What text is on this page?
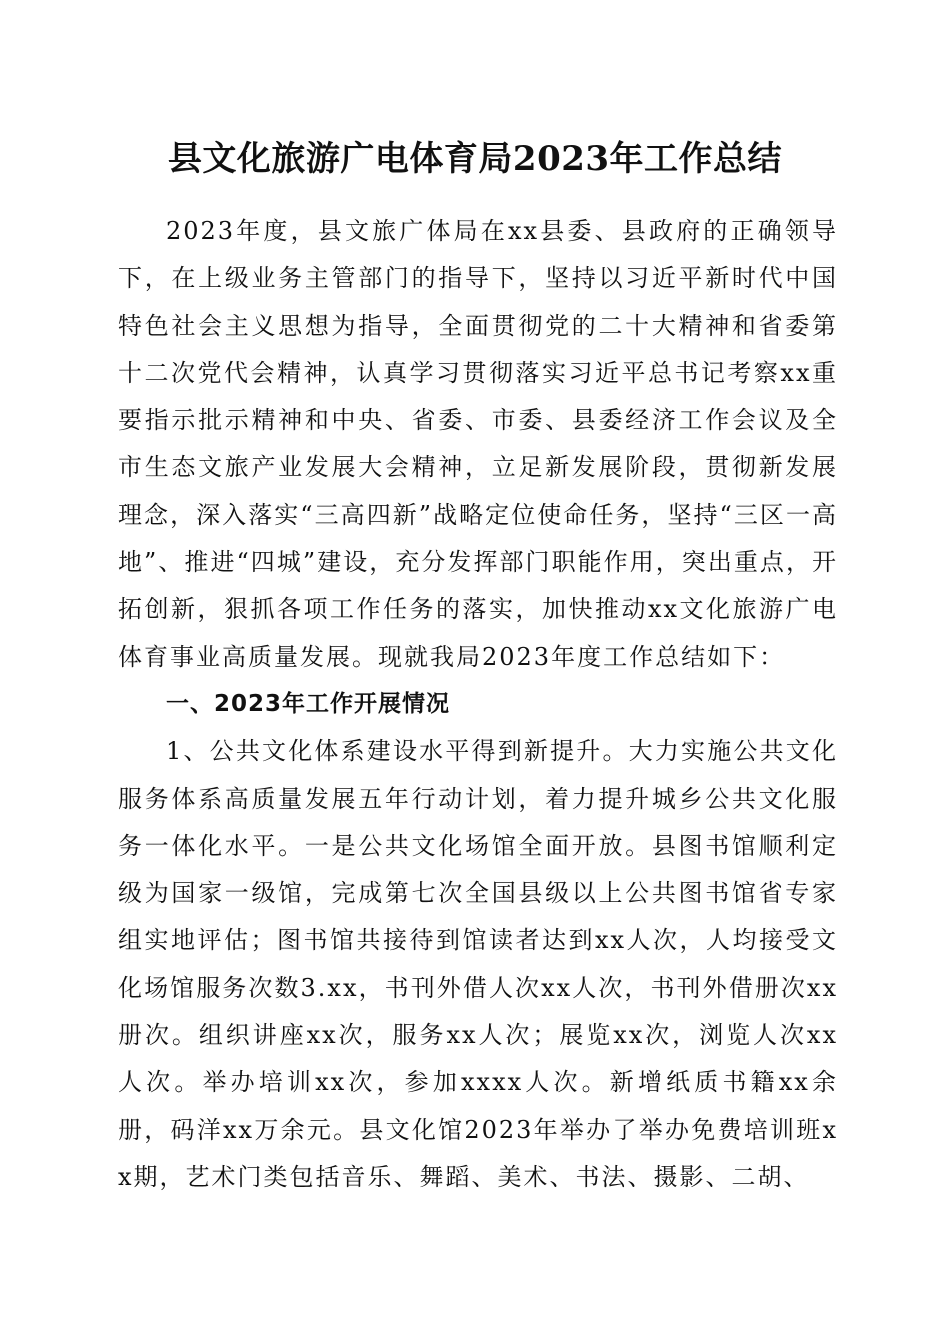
县文化旅游广电体育局2023年工作总结

2023年度，县文旅广体局在xx县委、县政府的正确领导下，在上级业务主管部门的指导下，坚持以习近平新时代中国特色社会主义思想为指导，全面贯彻党的二十大精神和省委第十二次党代会精神，认真学习贯彻落实习近平总书记考察xx重要指示批示精神和中央、省委、市委、县委经济工作会议及全市生态文旅产业发展大会精神，立足新发展阶段，贯彻新发展理念，深入落实“三高四新”战略定位使命任务，坚持“三区一高地”、推进“四城”建设，充分发挥部门职能作用，突出重点，开拓创新，狠抓各项工作任务的落实，加快推动xx文化旅游广电体育事业高质量发展。现就我局2023年度工作总结如下：

一、2023年工作开展情况

1、公共文化体系建设水平得到新提升。大力实施公共文化服务体系高质量发展五年行动计划，着力提升城乡公共文化服务一体化水平。一是公共文化场馆全面开放。县图书馆顺利定级为国家一级馆，完成第七次全国县级以上公共图书馆省专家组实地评估；图书馆共接待到馆读者达到xx人次，人均接受文化场馆服务次数3.xx，书刊外借人次xx人次，书刊外借册次xx册次。组织讲座xx次，服务xx人次；展览xx次，浏览人次xx人次。举办培训xx次，参加xxxx人次。新增纸质书籍xx余册，码洋xx万余元。县文化馆2023年举办了举办免费培训班xx期，艺术门类包括音乐、舞蹈、美术、书法、摄影、二胡、
